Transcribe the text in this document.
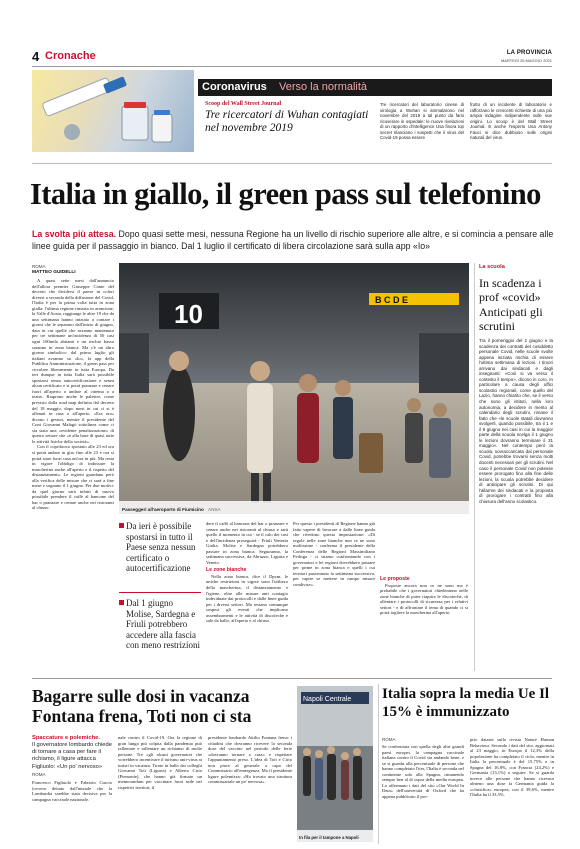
4 Cronache	LA PROVINCIA
MARTEDÌ 25 MAGGIO 2021
Coronavirus Verso la normalità
Scoop del Wall Street Journal
Tre ricercatori di Wuhan contagiati nel novembre 2019
Tre ricercatori del laboratorio cinese di virologia a Wuhan si ammalarono nel novembre del 2019 a tal punto da farsi ricoverare in ospedale: le nuove rivelazioni di un rapporto d'intelligence Usa finora top secret rilanciano i sospetti che il virus del Covid-19 possa essere
frutto di un incidente di laboratorio e rafforzano le crescenti richieste di una più ampia indagine indipendente sulle sue origini. Lo scoop è del Wall Street Journal. E anche l'esperto Usa Antony Fauci si dice dubbioso sulle origini naturali del virus.
Italia in giallo, il green pass sul telefonino
La svolta più attesa. Dopo quasi sette mesi, nessuna Regione ha un livello di rischio superiore alle altre, e si comincia a pensare alle linee guida per il passaggio in bianco. Dal 1 luglio il certificato di libera circolazione sarà sulla app «Io»
ROMA
MATTEO GUIDELLI

A quasi sette mesi dall'annuncio dell'allora premier Giuseppe Conte del decreto che divideva il paese in colori diversi a seconda della diffusione del Covid, l'Italia è per la prima volta tutta in zona gialla: l'ultima regione rimasta in arancione, la Valle d'Aosta, raggiunge le altre 19 che da una settimana hanno iniziato a contare i giorni che le separano dall'inizio di giugno, data in cui quelle che avranno mantenuto per tre settimane un'incidenza di 50 casi ogni 100mila abitanti e un rischio basso saranno in zona bianca. Ma c'è un altro giorno simbolico: dal primo luglio gli italiani avranno su «Io», la app della Pubblica Amministrazione, il green pass per circolare liberamente in tutta Europa. Da ieri dunque in tutta Italia sarà possibile spostarsi senza autocertificazione e senza alcun certificato e si potrà pranzare e cenare fuori all'aperto o andare al cinema o a teatro. Riaprono anche le palestre, come previsto dalla road map definita dal decreto del 18 maggio, dopo mesi in cui ci si è allenati in casa o all'aperto. «Era ora» dicono i gestori, mentre il presidente del Coni Giovanni Malagò sottolinea come ci sia stata una «evidente penalizzazione» di questo settore che «è alla base di quasi tutte le attività fisiche della società».

Con il coprifuoco spostato alle 23 ed ora si potrà andare in giro fino alle 23 e ora si potrà stare fuori casa un'ora in più. Ma resta in vigore l'obbligo di indossare la mascherina anche all'aperto e il rispetto del distanziamento. Le regioni guardano però alla verifica delle misure che ci sarà a fine mese e sognano il 1 giugno. Per due motivi: da quel giorno sarà infatti di nuovo possibile prendere il caffè al bancone del bar o pranzare e cenare anche nei ristoranti al chiuso.

10	B C D E
Passeggeri all'aeroporto di Fiumicino ANSA
Da ieri è possibile spostarsi in tutto il Paese senza nessun certificato o autocertificazione
Dal 1 giugno Molise, Sardegna e Friuli potrebbero accedere alla fascia con meno restrizioni

dere il caffè al bancone del bar o pranzare e cenare anche nei ristoranti al chiuso e sarà quello il momento in cui - se il calo dei casi e dell'incidenza proseguirà - Friuli Venezia Giulia, Molise e Sardegna potrebbero passare in zona bianca. Seguiranno, la settimana successiva, da Abruzzo, Liguria e Veneto.

Le zone bianche

Nella zona bianca, dice il Dpcm, le uniche restrizioni in vigore sono l'utilizzo della mascherina, il distanziamento e l'igiene, oltre alle misure anti contagio individuate dai protocolli e dalle linee guida per i diversi settori. Ma restano comunque sospesi gli eventi che implicano assembramenti e le attività di discoteche e sale da ballo, all'aperto e al chiuso.

Per questo i presidenti di Regione hanno già fatto sapere di lavorare a dalle linee guida che rivedono questa impostazione: «Di regole nelle zone bianche non ce ne sono moltissime - conferma il presidente della Conferenza delle Regioni Massimiliano Fedriga - ci stiamo confrontando con i governatori e lei regioni dovrebbero passare per prime in zona bianca e quelli i cui territori passeranno la settimana successiva, per capire se mettere in campo misure condivise».

Le proposte

Proposte ancora non ce ne sono ma è probabile che i governatori chiederanno nelle zone bianche di poter riaprire le discoteche, di allentare i protocolli di sicurezza per i relativi settori - e di affrontare il tema di quando ci si potrà togliere la mascherina all'aperto.

La scuola
In scadenza i prof «covid» Anticipati gli scrutini
Tra il pomeriggio del 2 giugno e la scadenza dei contratti del cosiddetto personale Covid, nelle scuole svolte appena iniziata rischia di essere l'ultima settimana di lezioni. I timori arrivano dai sindacati e dagli insegnanti: «Così si va verso il contesto il tempo», dicono in coro. In particolare a causa degli uffici scolastici regionali, come quello del Lazio, hanno chiarito che, se il verso che sono gli istituti, nella loro autonomia, a decidere in merito al calendario degli scrutini, rimane il fatto che «le scuole statali dovranno svolgerli, quando possibile, tra il 1 e il 9 giugno nei casi in cui la maggior parte della scuola scelga il 1 giugno le lezioni dovranno terminare il 31 maggio». Nel contempo però la scuola, sovraccaricata dal personale Covid, potrebbe trovarsi senza molti docenti necessari per gli scrutini. Nel caso il personale Covid non potesse essere prorogato fino alla fine delle lezioni, la scuola potrebbe decidere di anticipare gli scrutini. Di qui l'allarme dei sindacati e la proposta di prorogare i contratti fino alla chiusura dell'anno scolastico.
Bagarre sulle dosi in vacanza Fontana frena, Toti non ci sta
Spaccature e polemiche.
Il governatore lombardo chiede di tornare a casa per fare il richiamo, il ligure attacca Figliuolo: «Un po' nervoso»
ROMA
Francesco Figliuolo e Fabrizio Curcio (ovvero dettato dall'iniziale che la Lombardia sarebbe stata decisiva per la campagna vaccinale nazionale.
nale contro il Covid-19. Ora la regione di gran lunga più colpita dalla pandemia può rallentare e rallentare un richiamo di molte persone. Tre «gli alcuni governatori che vorrebbero incentivare il turismo anti-virus ai turisti in vacanza. Tirato in ballo dai colleghi Giovanni Toti (Liguria) e Alberto Cirio (Piemonte), che hanno già firmato un memorandum per vaccinare fuori sede nei rispettivi territori, il
presidente lombardo Attilio Fontana frena: i cittadini che dovranno ricevere la seconda dose del vaccino nel periodo delle ferie «dovranno tornare a casa» e rispettare l'appuntamento preso. L'idea di Toti e Cirio non piace al generale a capo del Commissario all'emergenza. Ma il presidente ligure polemizza: «Ho trovato una struttura commissariale un po' nervosa».
Napoli Centrale
In fila per il tampone a Napoli
Italia sopra la media Ue Il 15% è immunizzato
ROMA
Se confrontata con quella degli altri grandi paesi europei, la campagna vaccinale italiana contro il Covid sta andando bene, e se si guarda alla percentuale di persone che hanno completato l'iter, l'Italia è seconda nel continente solo alla Spagna, rimanendo sempre ben al di sopra della media europea. Lo affermano i dati del sito «Our World In Data» dell'università di Oxford che ha appena pubblicato il pro-
prio dataset sulla rivista Nature Human Behaviour. Secondo i dati del sito, aggiornati al 23 maggio, in Europa il 12,3% della popolazione ha completato il ciclo, mentre in Italia la percentuale è del 15,75% e in Spagna del 16,8%, con Francia (24,2%) e Germania (13,1%) a seguire. Se si guarda invece alle persone che hanno ricevuto almeno una dose la Germania guida la «classifica» europea, con il 39,6%, mentre l'Italia ha il 33,5%.
